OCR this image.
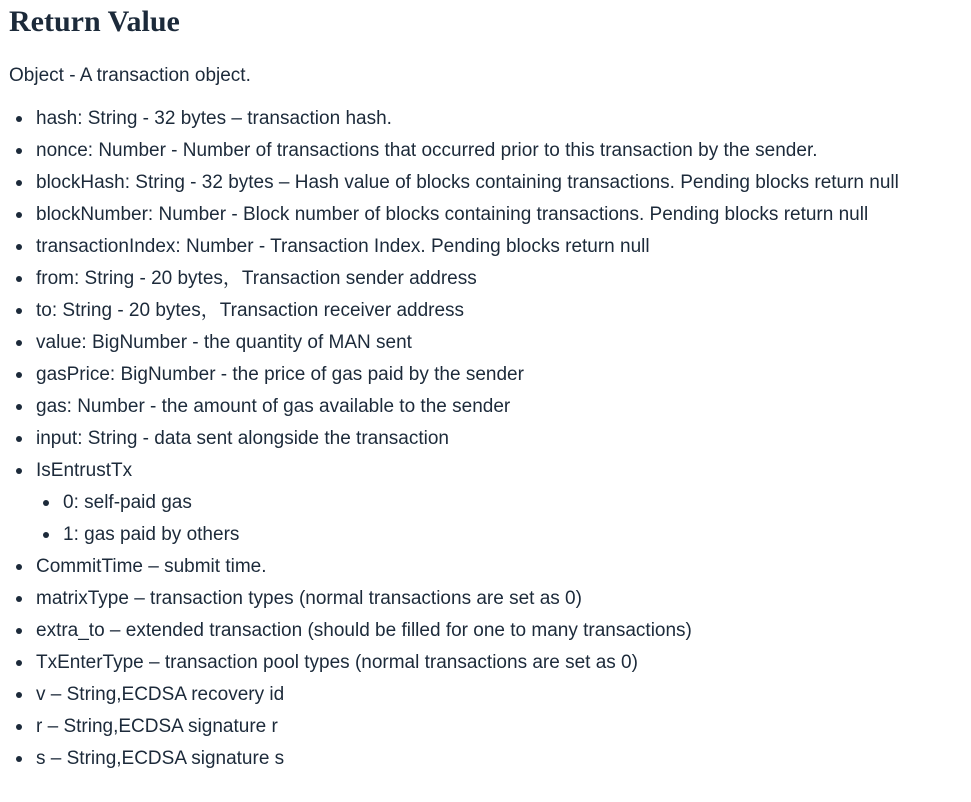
Return Value

Object - A transaction object.

hash: String - 32 bytes – transaction hash.
nonce: Number - Number of transactions that occurred prior to this transaction by the sender.
blockHash: String - 32 bytes – Hash value of blocks containing transactions. Pending blocks return null
blockNumber: Number - Block number of blocks containing transactions. Pending blocks return null
transactionIndex: Number - Transaction Index. Pending blocks return null
from: String - 20 bytes，Transaction sender address
to: String - 20 bytes，Transaction receiver address
value: BigNumber - the quantity of MAN sent
gasPrice: BigNumber - the price of gas paid by the sender
gas: Number - the amount of gas available to the sender
input: String - data sent alongside the transaction
IsEntrustTx
0: self-paid gas
1: gas paid by others
CommitTime – submit time.
matrixType – transaction types (normal transactions are set as 0)
extra_to – extended transaction (should be filled for one to many transactions)
TxEnterType – transaction pool types (normal transactions are set as 0)
v – String,ECDSA recovery id
r – String,ECDSA signature r
s – String,ECDSA signature s
